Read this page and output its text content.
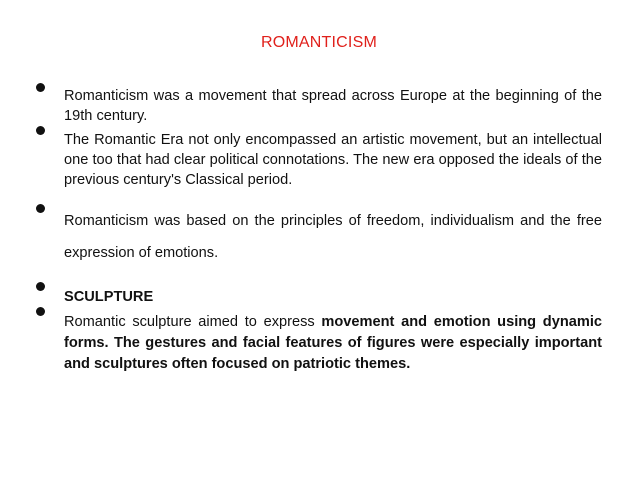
ROMANTICISM
Romanticism was a movement that spread across Europe at the beginning of the 19th century.
The Romantic Era not only encompassed an artistic movement, but an intellectual one too that had clear political connotations. The new era opposed the ideals of the previous century's Classical period.
Romanticism was based on the principles of freedom, individualism and the free expression of emotions.
SCULPTURE
Romantic sculpture aimed to express movement and emotion using dynamic forms. The gestures and facial features of figures were especially important and sculptures often focused on patriotic themes.
